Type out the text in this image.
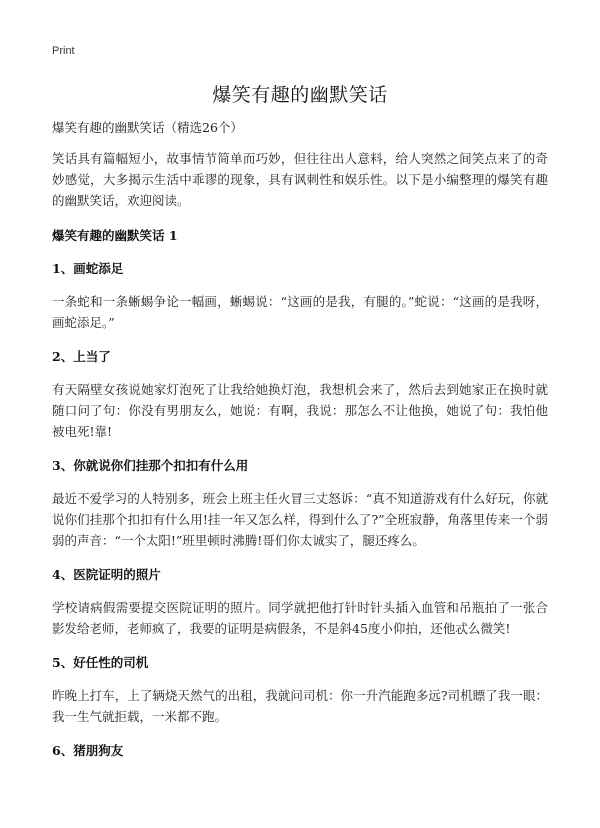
Print
爆笑有趣的幽默笑话

爆笑有趣的幽默笑话（精选26个）

笑话具有篇幅短小，故事情节简单而巧妙，但往往出人意料，给人突然之间笑点来了的奇妙感觉，大多揭示生活中乖谬的现象，具有讽刺性和娱乐性。以下是小编整理的爆笑有趣的幽默笑话，欢迎阅读。

爆笑有趣的幽默笑话 1

1、画蛇添足

一条蛇和一条蜥蜴争论一幅画，蜥蜴说：“这画的是我，有腿的。”蛇说：“这画的是我呀，画蛇添足。”

2、上当了

有天隔壁女孩说她家灯泡死了让我给她换灯泡，我想机会来了，然后去到她家正在换时就随口问了句：你没有男朋友么，她说：有啊，我说：那怎么不让他换，她说了句：我怕他被电死!靠!

3、你就说你们挂那个扣扣有什么用

最近不爱学习的人特别多，班会上班主任火冒三丈怒诉：“真不知道游戏有什么好玩，你就说你们挂那个扣扣有什么用!挂一年又怎么样，得到什么了?”全班寂静，角落里传来一个弱弱的声音：“一个太阳!”班里顿时沸腾!哥们你太诚实了，腿还疼么。

4、医院证明的照片

学校请病假需要提交医院证明的照片。同学就把他打针时针头插入血管和吊瓶拍了一张合影发给老师，老师疯了，我要的证明是病假条，不是斜45度小仰拍，还他忒么微笑!

5、好任性的司机

昨晚上打车，上了辆烧天然气的出租，我就问司机：你一升汽能跑多远?司机瞟了我一眼：我一生气就拒载，一米都不跑。

6、猪朋狗友
